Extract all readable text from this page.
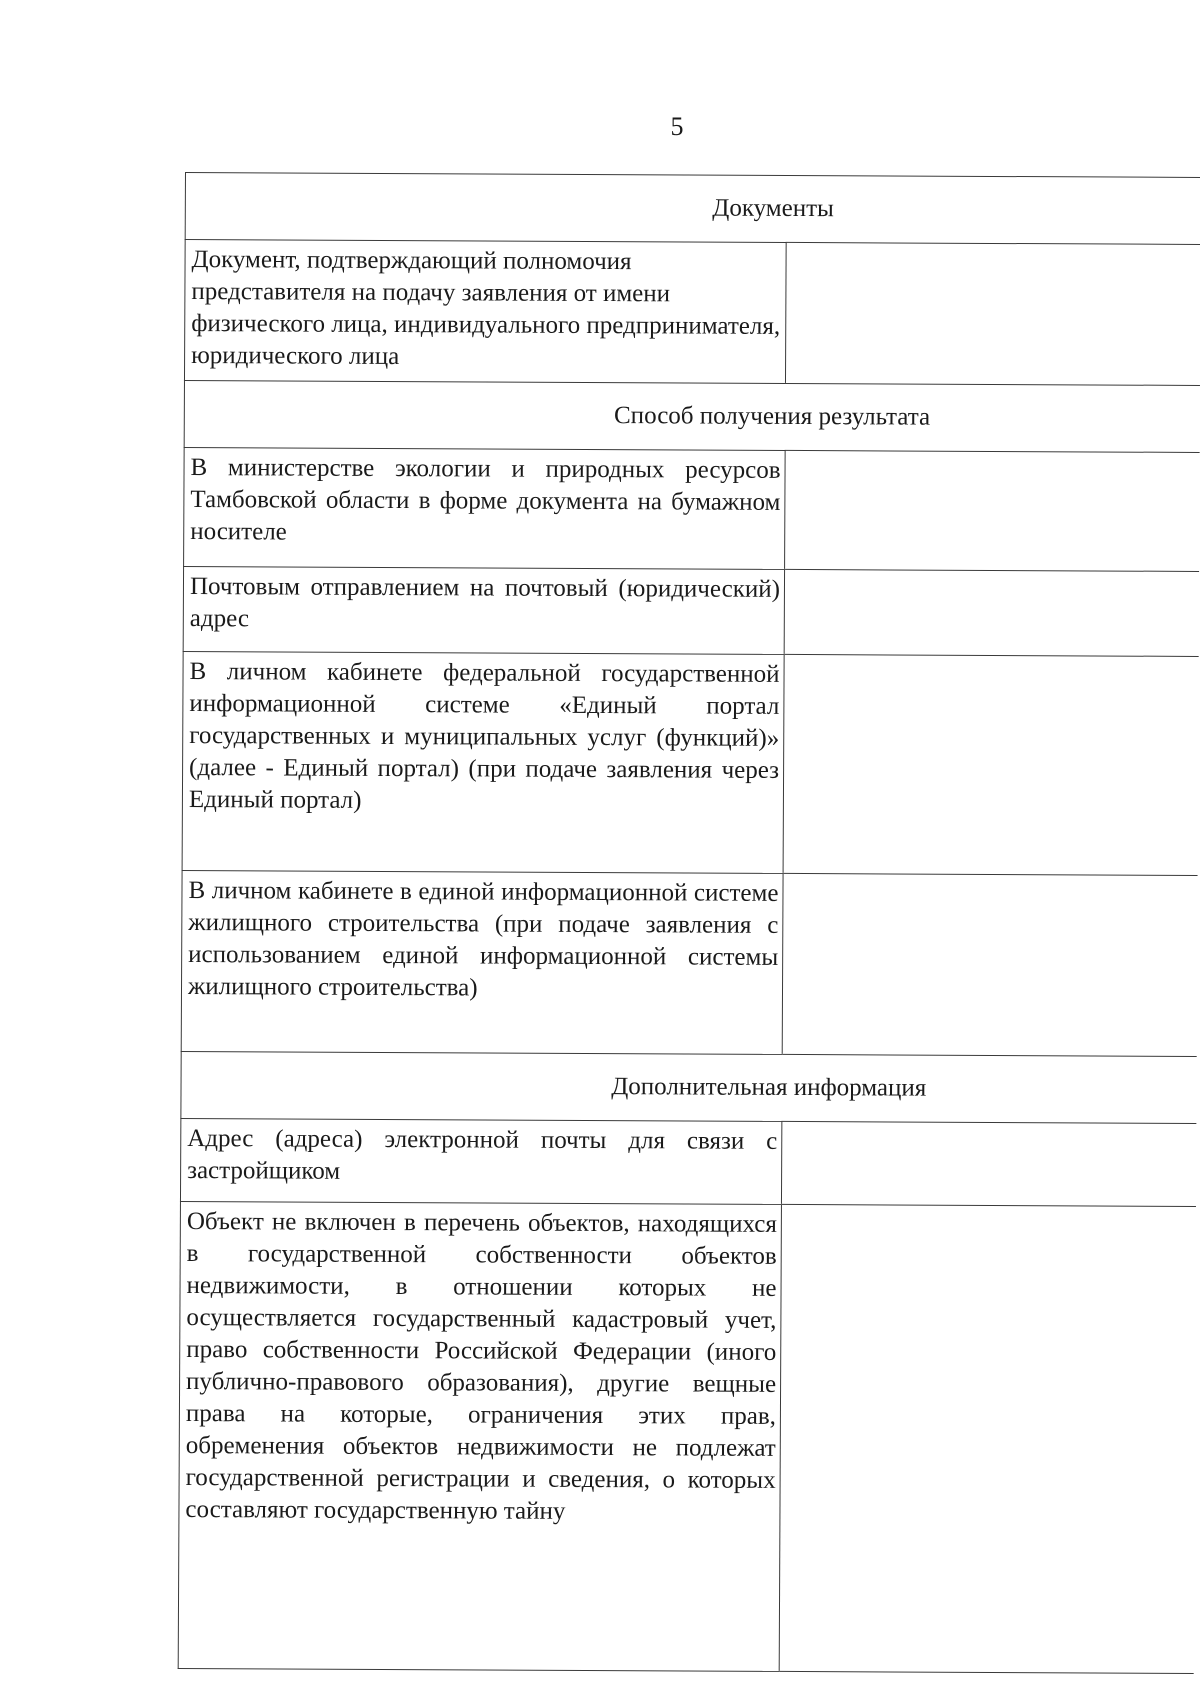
5
Документы	
Документ, подтверждающий полномочия представителя на подачу заявления от имени физического лица, индивидуального предпринимателя, юридического лица	
Способ получения результата	
В министерстве экологии и природных ресурсов Тамбовской области в форме документа на бумажном носителе	
Почтовым отправлением на почтовый (юридический) адрес	
В личном кабинете федеральной государственной информационной системе «Единый портал государственных и муниципальных услуг (функций)» (далее - Единый портал) (при подаче заявления через Единый портал)	
В личном кабинете в единой информационной системе жилищного строительства (при подаче заявления с использованием единой информационной системы жилищного строительства)	
Дополнительная информация	
Адрес (адреса) электронной почты для связи с застройщиком	
Объект не включен в перечень объектов, находящихся в государственной собственности объектов недвижимости, в отношении которых не осуществляется государственный кадастровый учет, право собственности Российской Федерации (иного публично-правового образования), другие вещные права на которые, ограничения этих прав, обременения объектов недвижимости не подлежат государственной регистрации и сведения, о которых составляют государственную тайну	
